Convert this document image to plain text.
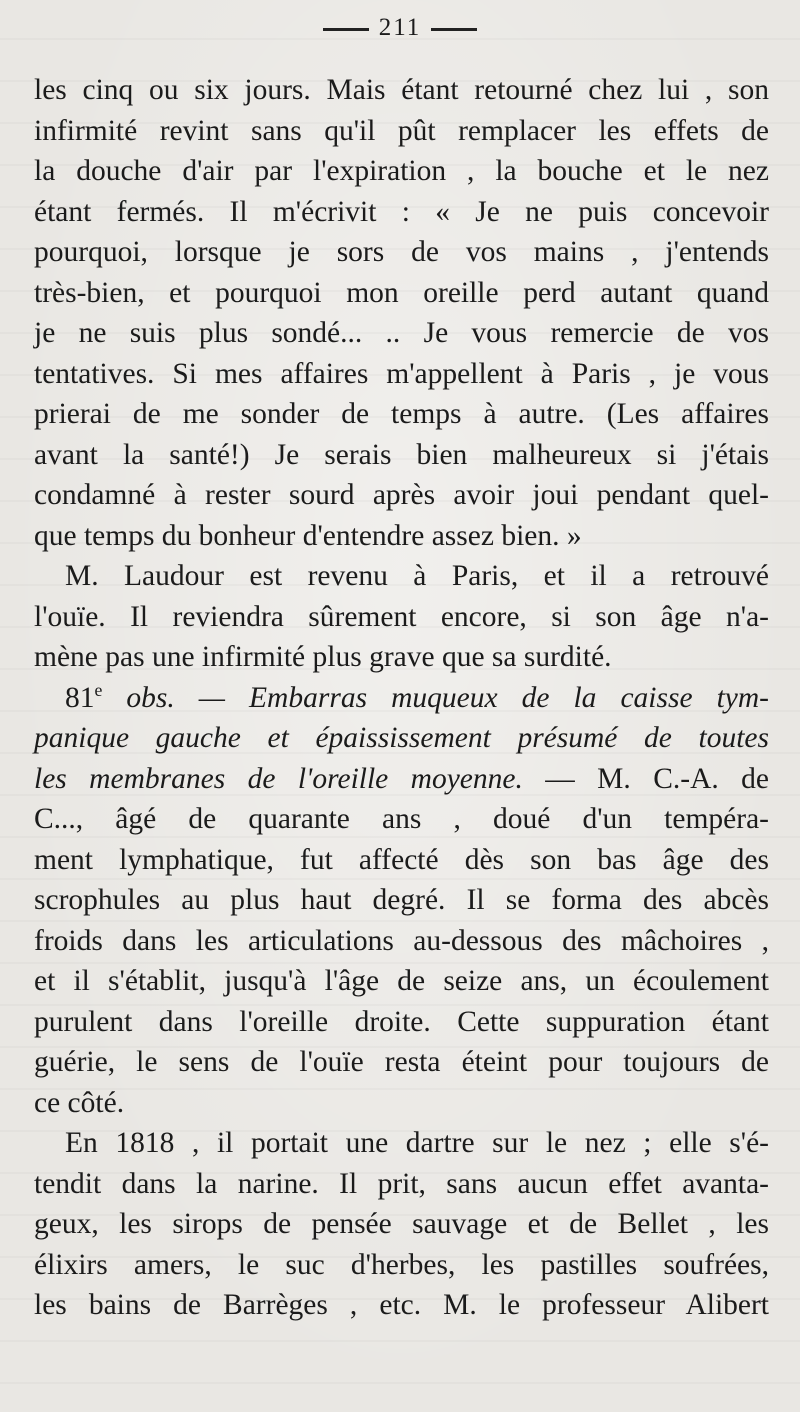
211
les cinq ou six jours. Mais étant retourné chez lui , son
infirmité revint sans qu'il pût remplacer les effets de
la douche d'air par l'expiration , la bouche et le nez
étant fermés. Il m'écrivit : « Je ne puis concevoir
pourquoi, lorsque je sors de vos mains , j'entends
très-bien, et pourquoi mon oreille perd autant quand
je ne suis plus sondé... .. Je vous remercie de vos
tentatives. Si mes affaires m'appellent à Paris , je vous
prierai de me sonder de temps à autre. (Les affaires
avant la santé!) Je serais bien malheureux si j'étais
condamné à rester sourd après avoir joui pendant quel-
que temps du bonheur d'entendre assez bien. »
M. Laudour est revenu à Paris, et il a retrouvé
l'ouïe. Il reviendra sûrement encore, si son âge n'a-
mène pas une infirmité plus grave que sa surdité.
81e obs. — Embarras muqueux de la caisse tym-
panique gauche et épaississement présumé de toutes
les membranes de l'oreille moyenne. — M. C.-A. de
C..., âgé de quarante ans , doué d'un tempéra-
ment lymphatique, fut affecté dès son bas âge des
scrophules au plus haut degré. Il se forma des abcès
froids dans les articulations au-dessous des mâchoires ,
et il s'établit, jusqu'à l'âge de seize ans, un écoulement
purulent dans l'oreille droite. Cette suppuration étant
guérie, le sens de l'ouïe resta éteint pour toujours de
ce côté.
En 1818 , il portait une dartre sur le nez ; elle s'é-
tendit dans la narine. Il prit, sans aucun effet avanta-
geux, les sirops de pensée sauvage et de Bellet , les
élixirs amers, le suc d'herbes, les pastilles soufrées,
les bains de Barrèges , etc. M. le professeur Alibert
